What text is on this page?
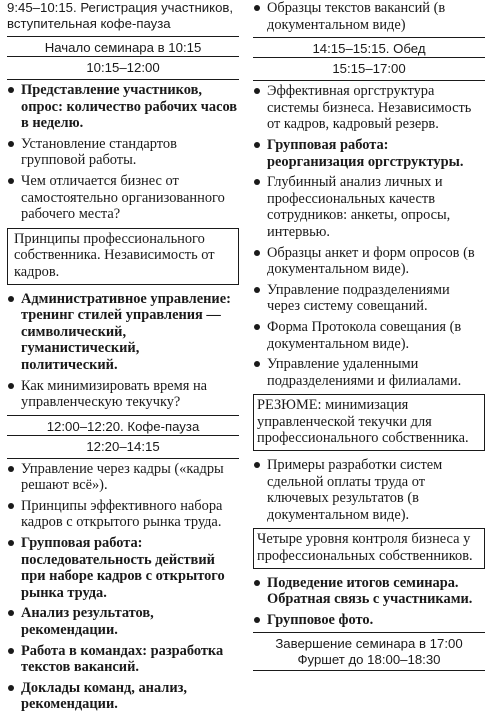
9:45–10:15. Регистрация участников, вступительная кофе-пауза
Начало семинара в 10:15
10:15–12:00
Представление участников, опрос: количество рабочих часов в неделю.
Установление стандартов групповой работы.
Чем отличается бизнес от самостоятельно организованного рабочего места?
Принципы профессионального собственника. Независимость от кадров.
Административное управление: тренинг стилей управления — символический, гуманистический, политический.
Как минимизировать время на управленческую текучку?
12:00–12:20. Кофе-пауза
12:20–14:15
Управление через кадры («кадры решают всё»).
Принципы эффективного набора кадров с открытого рынка труда.
Групповая работа: последовательность действий при наборе кадров с открытого рынка труда.
Анализ результатов, рекомендации.
Работа в командах: разработка текстов вакансий.
Доклады команд, анализ, рекомендации.
Образцы текстов вакансий (в документальном виде)
14:15–15:15. Обед
15:15–17:00
Эффективная оргструктура системы бизнеса. Независимость от кадров, кадровый резерв.
Групповая работа: реорганизация оргструктуры.
Глубинный анализ личных и профессиональных качеств сотрудников: анкеты, опросы, интервью.
Образцы анкет и форм опросов (в документальном виде).
Управление подразделениями через систему совещаний.
Форма Протокола совещания (в документальном виде).
Управление удаленными подразделениями и филиалами.
РЕЗЮМЕ: минимизация управленческой текучки для профессионального собственника.
Примеры разработки систем сдельной оплаты труда от ключевых результатов (в документальном виде).
Четыре уровня контроля бизнеса у профессиональных собственников.
Подведение итогов семинара. Обратная связь с участниками.
Групповое фото.
Завершение семинара в 17:00
Фуршет до 18:00–18:30
